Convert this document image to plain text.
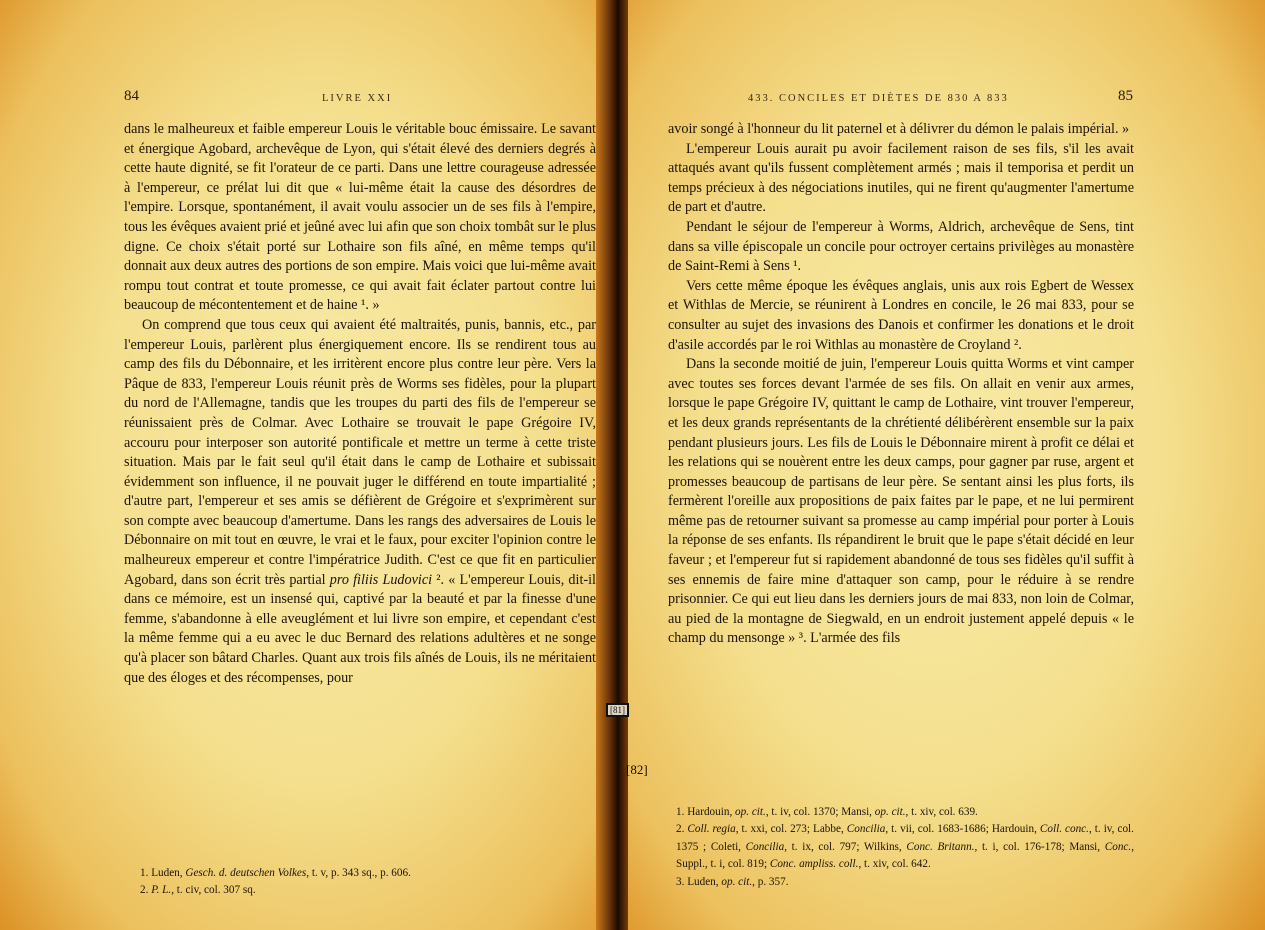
84	LIVRE XXI

dans le malheureux et faible empereur Louis le véritable bouc émissaire. Le savant et énergique Agobard, archevêque de Lyon, qui s'était élevé des derniers degrés à cette haute dignité, se fit l'orateur de ce parti. Dans une lettre courageuse adressée à l'empereur, ce prélat lui dit que « lui-même était la cause des désordres de l'empire. Lorsque, spontanément, il avait voulu associer un de ses fils à l'empire, tous les évêques avaient prié et jeûné avec lui afin que son choix tombât sur le plus digne. Ce choix s'était porté sur Lothaire son fils aîné, en même temps qu'il donnait aux deux autres des portions de son empire. Mais voici que lui-même avait rompu tout contrat et toute promesse, ce qui avait fait éclater partout contre lui beaucoup de mécontentement et de haine ¹. »

On comprend que tous ceux qui avaient été maltraités, punis, bannis, etc., par l'empereur Louis, parlèrent plus énergiquement encore. Ils se rendirent tous au camp des fils du Débonnaire, et les irritèrent encore plus contre leur père. Vers la Pâque de 833, l'empereur Louis réunit près de Worms ses fidèles, pour la plupart du nord de l'Allemagne, tandis que les troupes du parti des fils de l'empereur se réunissaient près de Colmar. Avec Lothaire se trouvait le pape Grégoire IV, accouru pour interposer son autorité pontificale et mettre un terme à cette triste situation. Mais par le fait seul qu'il était dans le camp de Lothaire et subissait évidemment son influence, il ne pouvait juger le différend en toute impartialité ; d'autre part, l'empereur et ses amis se défièrent de Grégoire et s'exprimèrent sur son compte avec beaucoup d'amertume. Dans les rangs des adversaires de Louis le Débonnaire on mit tout en œuvre, le vrai et le faux, pour exciter l'opinion contre le malheureux empereur et contre l'impératrice Judith. C'est ce que fit en particulier Agobard, dans son écrit très partial pro filiis Ludovici ². « L'empereur Louis, dit-il dans ce mémoire, est un insensé qui, captivé par la beauté et par la finesse d'une femme, s'abandonne à elle aveuglément et lui livre son empire, et cependant c'est la même femme qui a eu avec le duc Bernard des relations adultères et ne songe qu'à placer son bâtard Charles. Quant aux trois fils aînés de Louis, ils ne méritaient que des éloges et des récompenses, pour

1. Luden, Gesch. d. deutschen Volkes, t. v, p. 343 sq., p. 606.

2. P. L., t. civ, col. 307 sq.

433. CONCILES ET DIÈTES DE 830 A 833	85

avoir songé à l'honneur du lit paternel et à délivrer du démon le palais impérial. »

L'empereur Louis aurait pu avoir facilement raison de ses fils, s'il les avait attaqués avant qu'ils fussent complètement armés ; mais il temporisa et perdit un temps précieux à des négociations inutiles, qui ne firent qu'augmenter l'amertume de part et d'autre.

Pendant le séjour de l'empereur à Worms, Aldrich, archevêque de Sens, tint dans sa ville épiscopale un concile pour octroyer certains privilèges au monastère de Saint-Remi à Sens ¹.

Vers cette même époque les évêques anglais, unis aux rois Egbert de Wessex et Withlas de Mercie, se réunirent à Londres en concile, le 26 mai 833, pour se consulter au sujet des invasions des Danois et confirmer les donations et le droit d'asile accordés par le roi Withlas au monastère de Croyland ².

Dans la seconde moitié de juin, l'empereur Louis quitta Worms et vint camper avec toutes ses forces devant l'armée de ses fils. On allait en venir aux armes, lorsque le pape Grégoire IV, quittant le camp de Lothaire, vint trouver l'empereur, et les deux grands représentants de la chrétienté délibérèrent ensemble sur la paix pendant plusieurs jours. Les fils de Louis le Débonnaire mirent à profit ce délai et les relations qui se nouèrent entre les deux camps, pour gagner par ruse, argent et promesses beaucoup de partisans de leur père. Se sentant ainsi les plus forts, ils fermèrent l'oreille aux propositions de paix faites par le pape, et ne lui permirent même pas de retourner suivant sa promesse au camp impérial pour porter à Louis la réponse de ses enfants. Ils répandirent le bruit que le pape s'était décidé en leur faveur ; et l'empereur fut si rapidement abandonné de tous ses fidèles qu'il suffit à ses ennemis de faire mine d'attaquer son camp, pour le réduire à se rendre prisonnier. Ce qui eut lieu dans les derniers jours de mai 833, non loin de Colmar, au pied de la montagne de Siegwald, en un endroit justement appelé depuis « le champ du mensonge » ³. L'armée des fils

1. Hardouin, op. cit., t. iv, col. 1370; Mansi, op. cit., t. xiv, col. 639.

2. Coll. regia, t. xxi, col. 273; Labbe, Concilia, t. vii, col. 1683-1686; Hardouin, Coll. conc., t. iv, col. 1375 ; Coleti, Concilia, t. ix, col. 797; Wilkins, Conc. Britann., t. i, col. 176-178; Mansi, Conc., Suppl., t. i, col. 819; Conc. ampliss. coll., t. xiv, col. 642.

3. Luden, op. cit., p. 357.

[81]
[82]
